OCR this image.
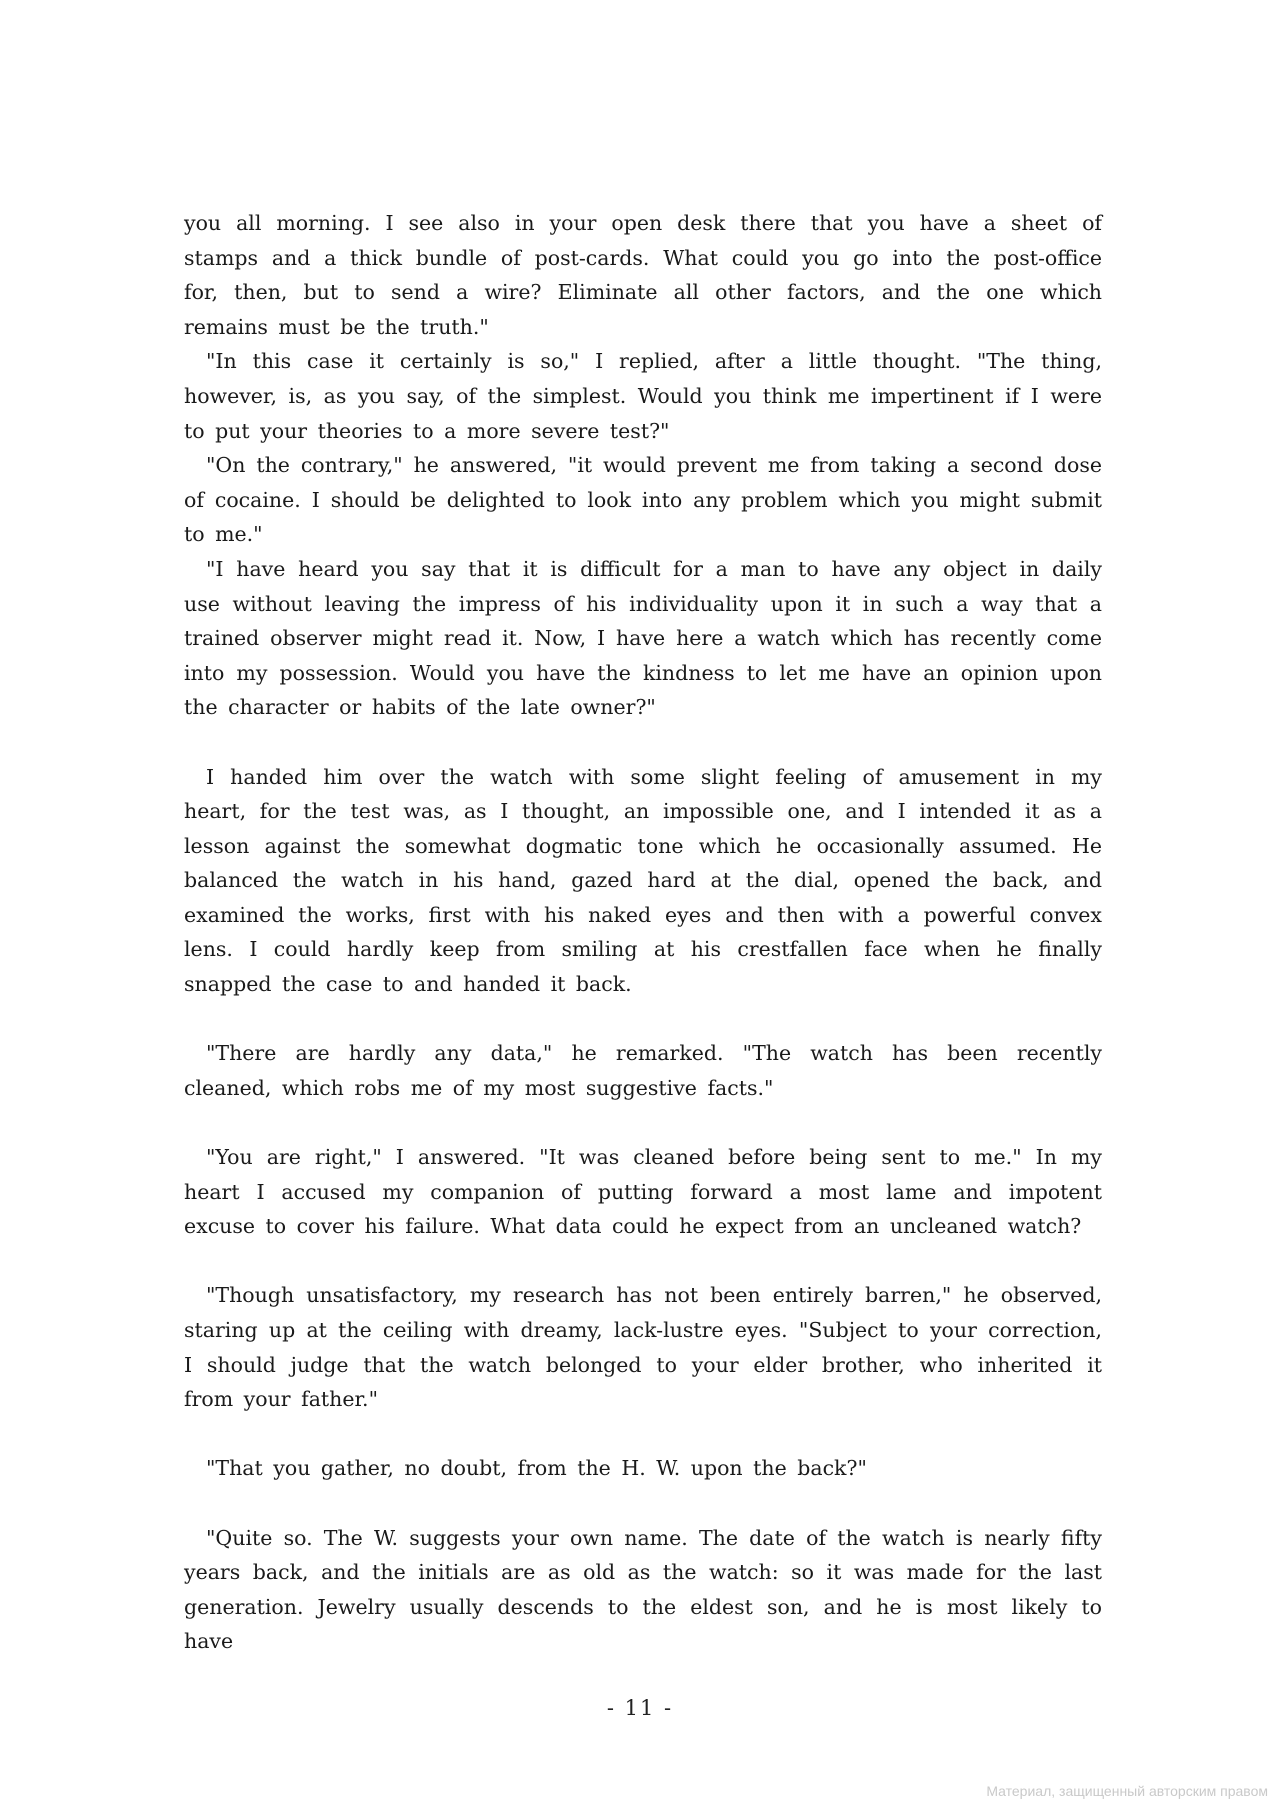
you all morning. I see also in your open desk there that you have a sheet of stamps and a thick bundle of post-cards. What could you go into the post-office for, then, but to send a wire? Eliminate all other factors, and the one which remains must be the truth."

"In this case it certainly is so," I replied, after a little thought. "The thing, however, is, as you say, of the simplest. Would you think me impertinent if I were to put your theories to a more severe test?"

"On the contrary," he answered, "it would prevent me from taking a second dose of cocaine. I should be delighted to look into any problem which you might submit to me."

"I have heard you say that it is difficult for a man to have any object in daily use without leaving the impress of his individuality upon it in such a way that a trained observer might read it. Now, I have here a watch which has recently come into my possession. Would you have the kindness to let me have an opinion upon the character or habits of the late owner?"

I handed him over the watch with some slight feeling of amusement in my heart, for the test was, as I thought, an impossible one, and I intended it as a lesson against the somewhat dogmatic tone which he occasionally assumed. He balanced the watch in his hand, gazed hard at the dial, opened the back, and examined the works, first with his naked eyes and then with a powerful convex lens. I could hardly keep from smiling at his crestfallen face when he finally snapped the case to and handed it back.

"There are hardly any data," he remarked. "The watch has been recently cleaned, which robs me of my most suggestive facts."

"You are right," I answered. "It was cleaned before being sent to me." In my heart I accused my companion of putting forward a most lame and impotent excuse to cover his failure. What data could he expect from an uncleaned watch?

"Though unsatisfactory, my research has not been entirely barren," he observed, staring up at the ceiling with dreamy, lack-lustre eyes. "Subject to your correction, I should judge that the watch belonged to your elder brother, who inherited it from your father."

"That you gather, no doubt, from the H. W. upon the back?"

"Quite so. The W. suggests your own name. The date of the watch is nearly fifty years back, and the initials are as old as the watch: so it was made for the last generation. Jewelry usually descends to the eldest son, and he is most likely to have

- 11 -
Материал, защищенный авторским правом
